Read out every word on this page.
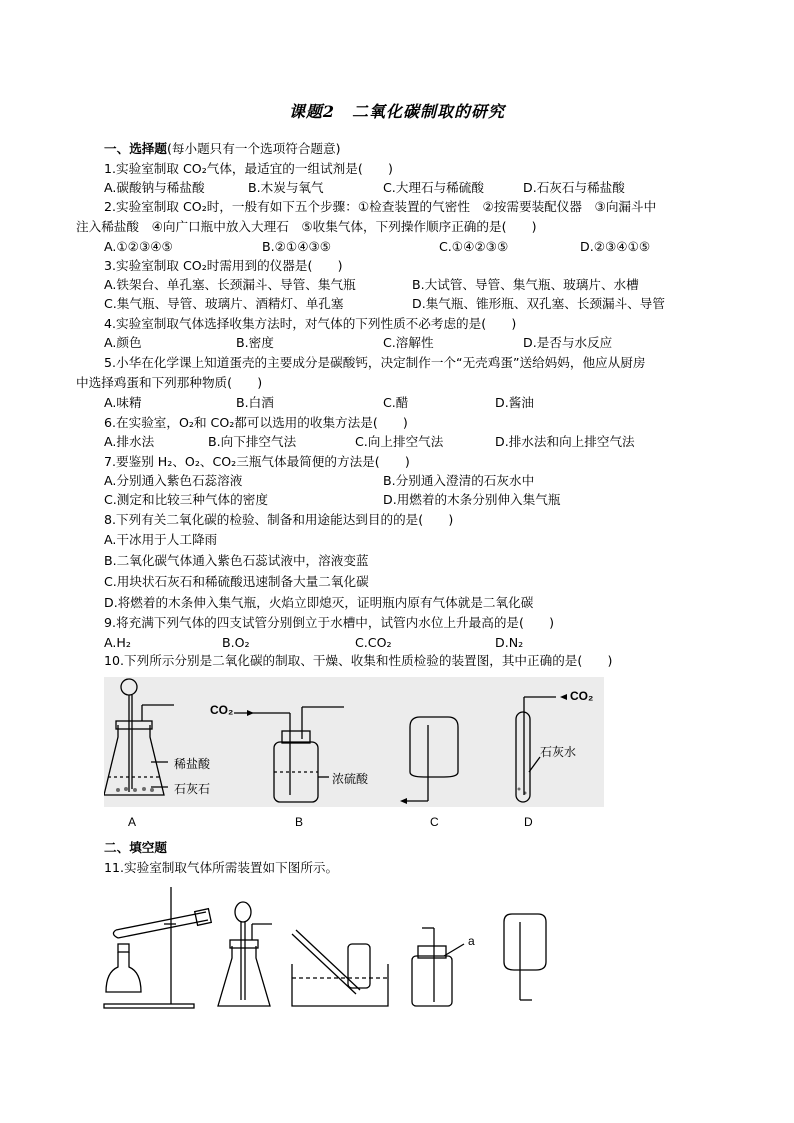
课题2　二氧化碳制取的研究
一、选择题(每小题只有一个选项符合题意)
1.实验室制取 CO₂气体，最适宜的一组试剂是(　　)
A.碳酸钠与稀盐酸	B.木炭与氧气	C.大理石与稀硫酸	D.石灰石与稀盐酸
2.实验室制取 CO₂时，一般有如下五个步骤：①检查装置的气密性　②按需要装配仪器　③向漏斗中
注入稀盐酸　④向广口瓶中放入大理石　⑤收集气体，下列操作顺序正确的是(　　)
A.①②③④⑤	B.②①④③⑤	C.①④②③⑤	D.②③④①⑤
3.实验室制取 CO₂时需用到的仪器是(　　)
A.铁架台、单孔塞、长颈漏斗、导管、集气瓶	B.大试管、导管、集气瓶、玻璃片、水槽
C.集气瓶、导管、玻璃片、酒精灯、单孔塞	D.集气瓶、锥形瓶、双孔塞、长颈漏斗、导管
4.实验室制取气体选择收集方法时，对气体的下列性质不必考虑的是(　　)
A.颜色	B.密度	C.溶解性	D.是否与水反应
5.小华在化学课上知道蛋壳的主要成分是碳酸钙，决定制作一个“无壳鸡蛋”送给妈妈，他应从厨房
中选择鸡蛋和下列那种物质(　　)
A.味精	B.白酒	C.醋	D.酱油
6.在实验室，O₂和 CO₂都可以选用的收集方法是(　　)
A.排水法	B.向下排空气法	C.向上排空气法	D.排水法和向上排空气法
7.要鉴别 H₂、O₂、CO₂三瓶气体最简便的方法是(　　)
A.分别通入紫色石蕊溶液	B.分别通入澄清的石灰水中
C.测定和比较三种气体的密度	D.用燃着的木条分别伸入集气瓶
8.下列有关二氧化碳的检验、制备和用途能达到目的的是(　　)
A.干冰用于人工降雨
B.二氧化碳气体通入紫色石蕊试液中，溶液变蓝
C.用块状石灰石和稀硫酸迅速制备大量二氧化碳
D.将燃着的木条伸入集气瓶，火焰立即熄灭，证明瓶内原有气体就是二氧化碳
9.将充满下列气体的四支试管分别倒立于水槽中，试管内水位上升最高的是(　　)
A.H₂	B.O₂	C.CO₂	D.N₂
10.下列所示分别是二氧化碳的制取、干燥、收集和性质检验的装置图，其中正确的是(　　)
稀盐酸
石灰石
CO₂
浓硫酸
CO₂
石灰水
A	B	C	D
二、填空题
11.实验室制取气体所需装置如下图所示。
a
